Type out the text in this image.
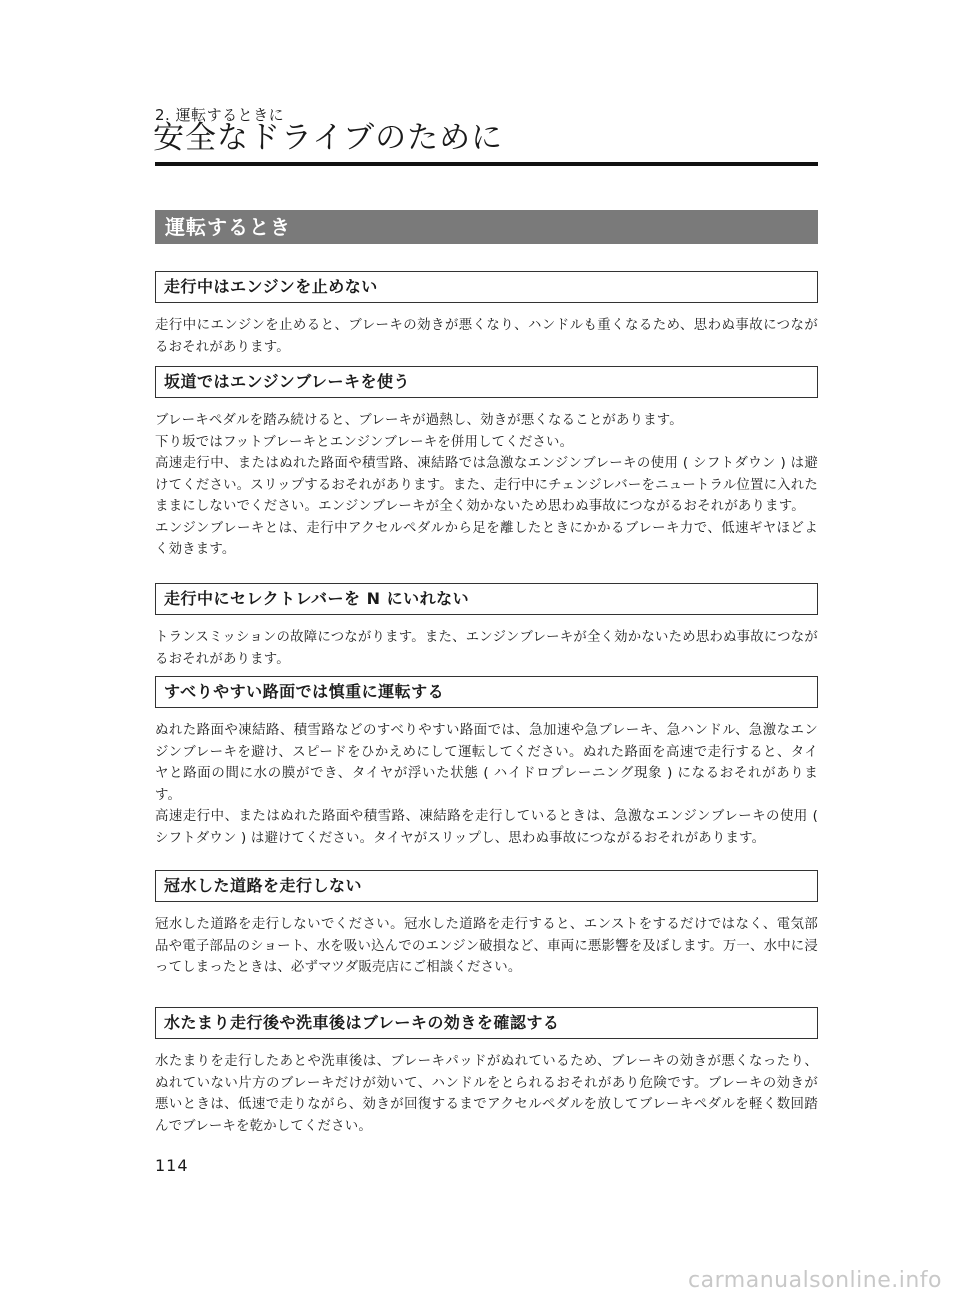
2. 運転するときに
安全なドライブのために
運転するとき
走行中はエンジンを止めない

走行中にエンジンを止めると、ブレーキの効きが悪くなり、ハンドルも重くなるため、思わぬ事故につながるおそれがあります。

坂道ではエンジンブレーキを使う

ブレーキペダルを踏み続けると、ブレーキが過熱し、効きが悪くなることがあります。

下り坂ではフットブレーキとエンジンブレーキを併用してください。

高速走行中、またはぬれた路面や積雪路、凍結路では急激なエンジンブレーキの使用 ( シフトダウン ) は避けてください。スリップするおそれがあります。また、走行中にチェンジレバーをニュートラル位置に入れたままにしないでください。エンジンブレーキが全く効かないため思わぬ事故につながるおそれがあります。

エンジンブレーキとは、走行中アクセルペダルから足を離したときにかかるブレーキ力で、低速ギヤほどよく効きます。

走行中にセレクトレバーを N にいれない

トランスミッションの故障につながります。また、エンジンブレーキが全く効かないため思わぬ事故につながるおそれがあります。

すべりやすい路面では慎重に運転する

ぬれた路面や凍結路、積雪路などのすべりやすい路面では、急加速や急ブレーキ、急ハンドル、急激なエンジンブレーキを避け、スピードをひかえめにして運転してください。ぬれた路面を高速で走行すると、タイヤと路面の間に水の膜ができ、タイヤが浮いた状態 ( ハイドロプレーニング現象 ) になるおそれがあります。

高速走行中、またはぬれた路面や積雪路、凍結路を走行しているときは、急激なエンジンブレーキの使用 ( シフトダウン ) は避けてください。タイヤがスリップし、思わぬ事故につながるおそれがあります。

冠水した道路を走行しない

冠水した道路を走行しないでください。冠水した道路を走行すると、エンストをするだけではなく、電気部品や電子部品のショート、水を吸い込んでのエンジン破損など、車両に悪影響を及ぼします。万一、水中に浸ってしまったときは、必ずマツダ販売店にご相談ください。

水たまり走行後や洗車後はブレーキの効きを確認する

水たまりを走行したあとや洗車後は、ブレーキパッドがぬれているため、ブレーキの効きが悪くなったり、ぬれていない片方のブレーキだけが効いて、ハンドルをとられるおそれがあり危険です。ブレーキの効きが悪いときは、低速で走りながら、効きが回復するまでアクセルペダルを放してブレーキペダルを軽く数回踏んでブレーキを乾かしてください。

114
carmanualsonline.info
